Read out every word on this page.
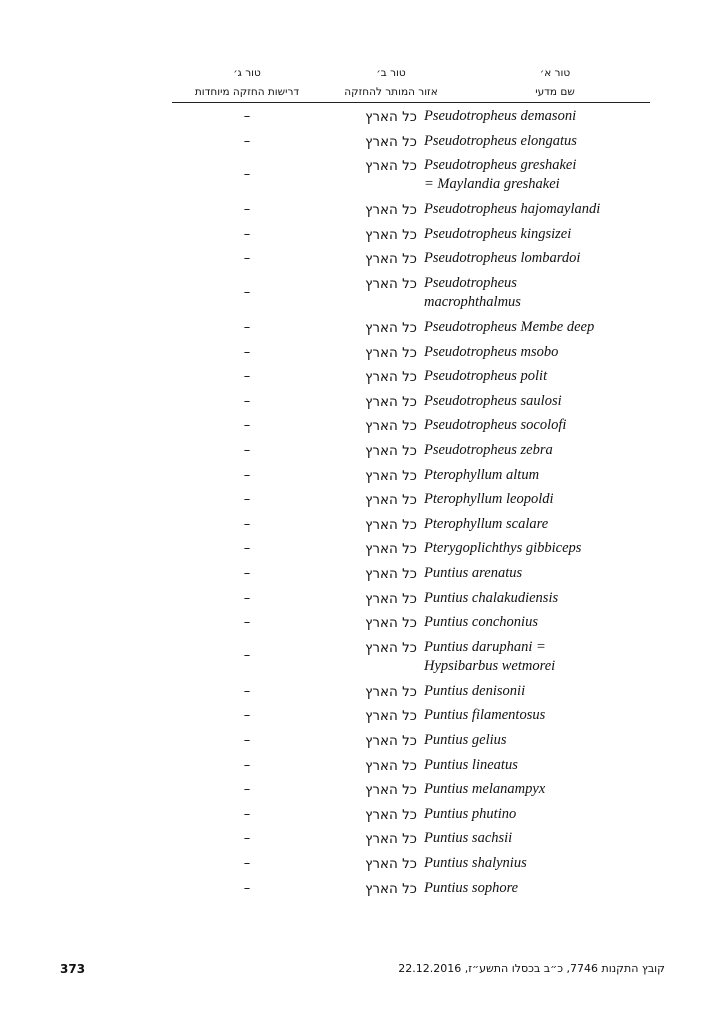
טור ג׳	טור ב׳	טור א׳
דרישות החזקה מיוחדות	אזור המותר להחזקה	שם מדעי
–	כל הארץ Pseudotropheus demasoni
–	כל הארץ Pseudotropheus elongatus
–	כל הארץ Pseudotropheus greshakei
= Maylandia greshakei
–	כל הארץ Pseudotropheus hajomaylandi
–	כל הארץ Pseudotropheus kingsizei
–	כל הארץ Pseudotropheus lombardoi
–	כל הארץ Pseudotropheus
macrophthalmus
–	כל הארץ Pseudotropheus Membe deep
–	כל הארץ Pseudotropheus msobo
–	כל הארץ Pseudotropheus polit
–	כל הארץ Pseudotropheus saulosi
–	כל הארץ Pseudotropheus socolofi
–	כל הארץ Pseudotropheus zebra
–	כל הארץ Pterophyllum altum
–	כל הארץ Pterophyllum leopoldi
–	כל הארץ Pterophyllum scalare
–	כל הארץ Pterygoplichthys gibbiceps
–	כל הארץ Puntius arenatus
–	כל הארץ Puntius chalakudiensis
–	כל הארץ Puntius conchonius
–	כל הארץ Puntius daruphani =
Hypsibarbus wetmorei
–	כל הארץ Puntius denisonii
–	כל הארץ Puntius filamentosus
–	כל הארץ Puntius gelius
–	כל הארץ Puntius lineatus
–	כל הארץ Puntius melanampyx
–	כל הארץ Puntius phutino
–	כל הארץ Puntius sachsii
–	כל הארץ Puntius shalynius
–	כל הארץ Puntius sophore
373	קובץ התקנות 7746, כ״ב בכסלו התשע״ז, 22.12.2016
